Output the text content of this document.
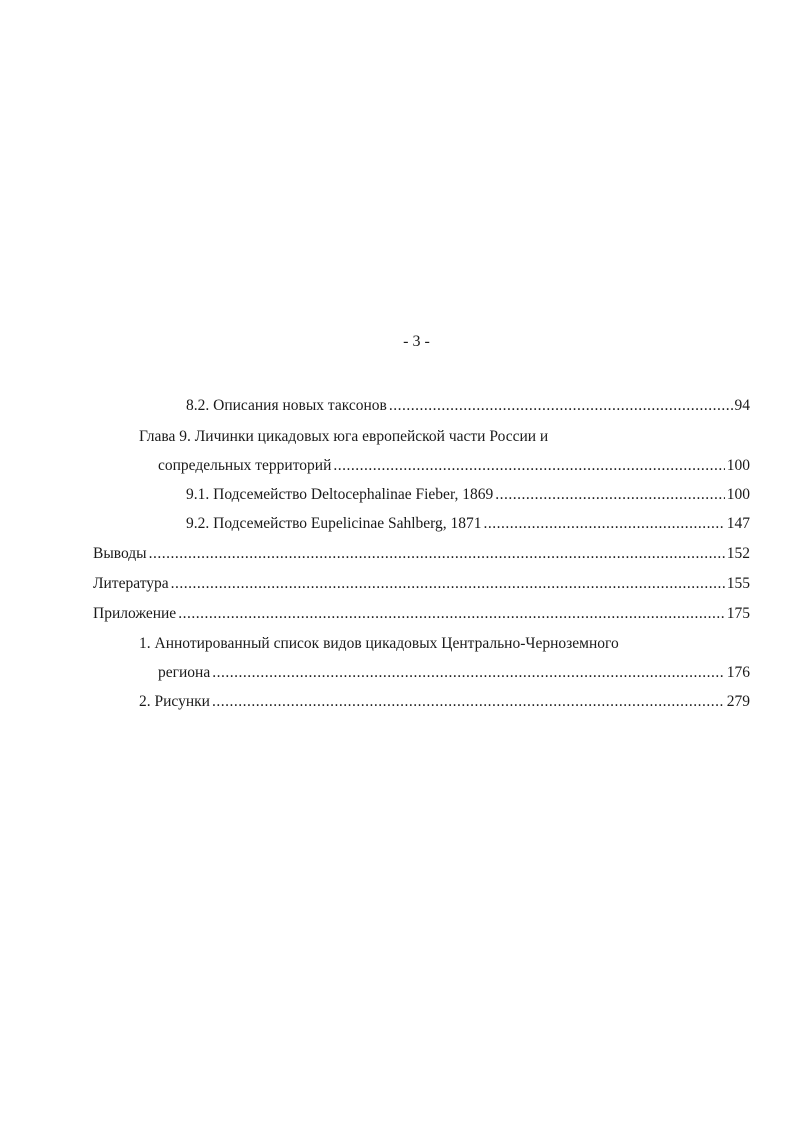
- 3 -
8.2. Описания новых таксонов .....	94
Глава 9. Личинки цикадовых юга европейской части России и
сопредельных территорий .....	100
9.1. Подсемейство Deltocephalinae Fieber, 1869 .....	100
9.2. Подсемейство Eupelicinae Sahlberg, 1871 .....	147
Выводы .....	152
Литература .....	155
Приложение .....	175
1. Аннотированный список видов цикадовых Центрально-Черноземного
региона .....	176
2. Рисунки .....	279
